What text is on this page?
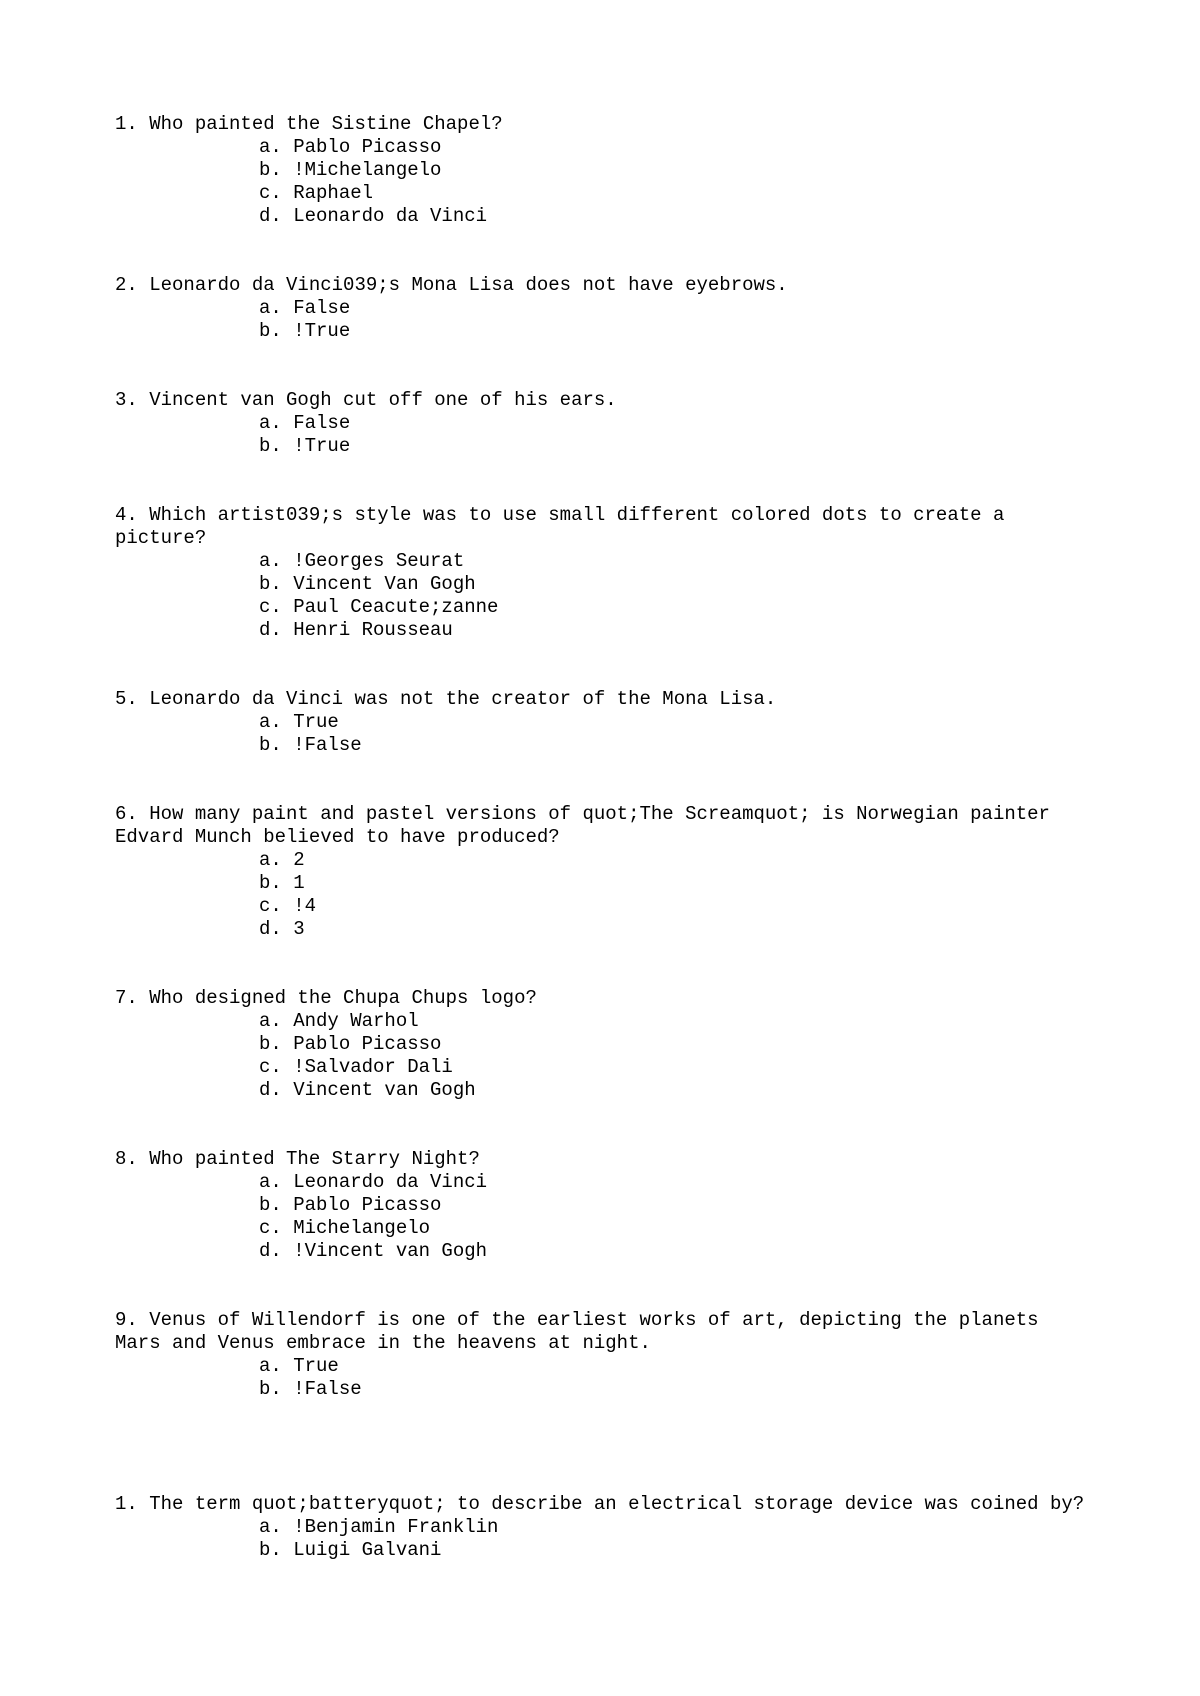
1. Who painted the Sistine Chapel?

a. Pablo Picasso
b. !Michelangelo
c. Raphael
d. Leonardo da Vinci

2. Leonardo da Vinci039;s Mona Lisa does not have eyebrows.

a. False
b. !True

3. Vincent van Gogh cut off one of his ears.

a. False
b. !True

4. Which artist039;s style was to use small different colored dots to create a picture?

a. !Georges Seurat
b. Vincent Van Gogh
c. Paul Ceacute;zanne
d. Henri Rousseau

5. Leonardo da Vinci was not the creator of the Mona Lisa.

a. True
b. !False

6. How many paint and pastel versions of quot;The Screamquot; is Norwegian painter Edvard Munch believed to have produced?

a. 2
b. 1
c. !4
d. 3

7. Who designed the Chupa Chups logo?

a. Andy Warhol
b. Pablo Picasso
c. !Salvador Dali
d. Vincent van Gogh

8. Who painted The Starry Night?

a. Leonardo da Vinci
b. Pablo Picasso
c. Michelangelo
d. !Vincent van Gogh

9. Venus of Willendorf is one of the earliest works of art, depicting the planets Mars and Venus embrace in the heavens at night.

a. True
b. !False

1. The term quot;batteryquot; to describe an electrical storage device was coined by?

a. !Benjamin Franklin
b. Luigi Galvani
